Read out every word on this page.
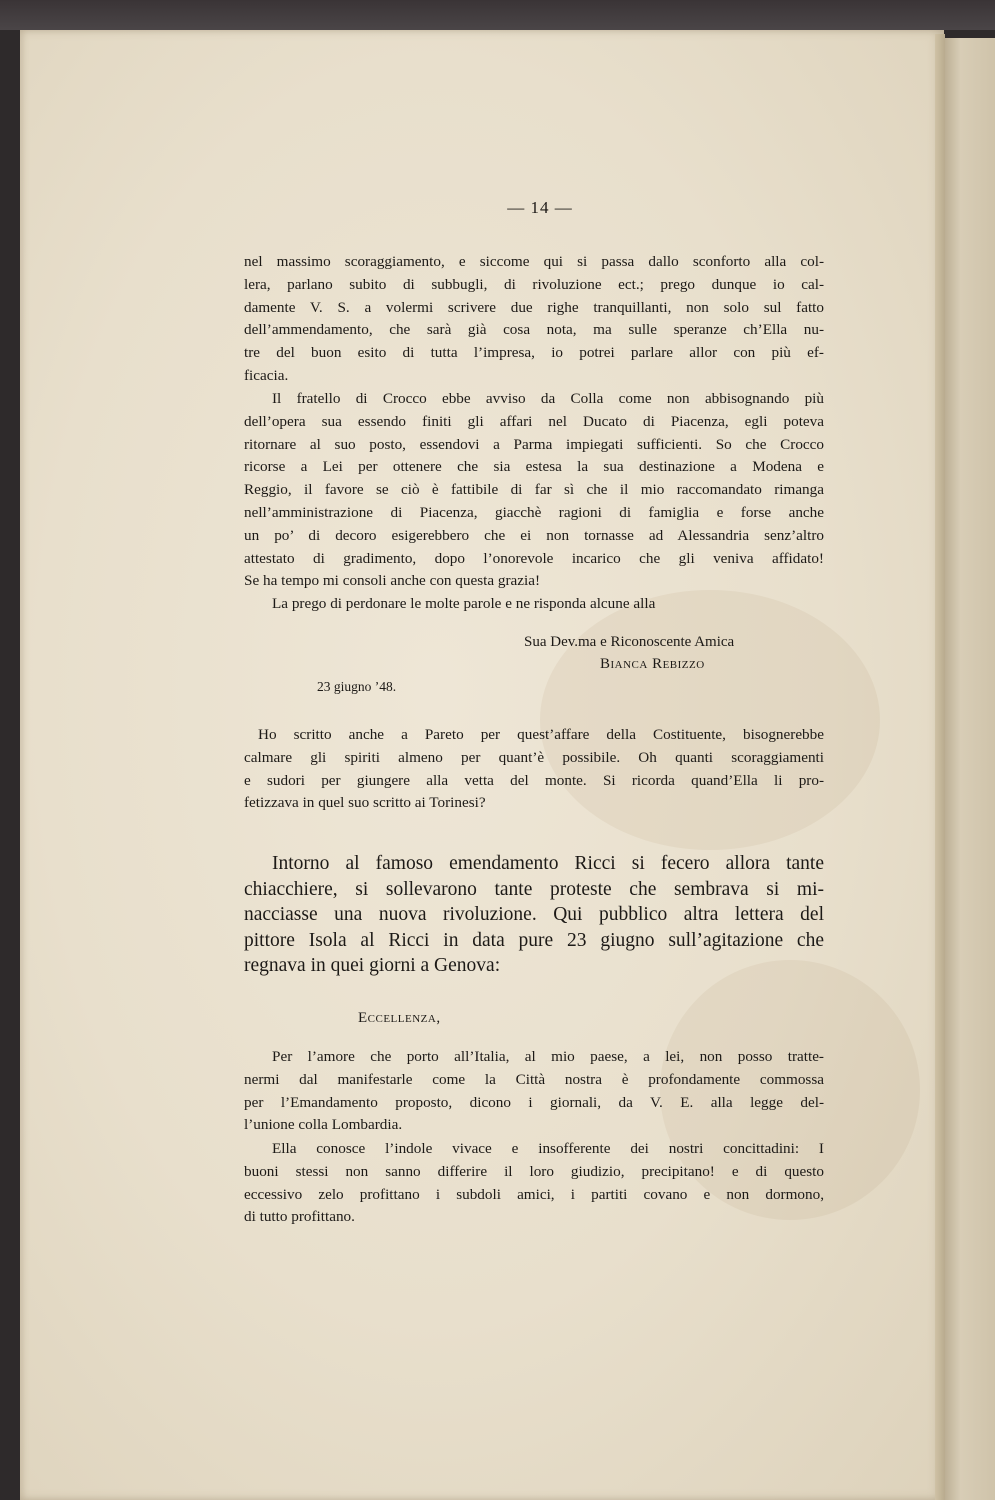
— 14 —
nel massimo scoraggiamento, e siccome qui si passa dallo sconforto alla col-
lera, parlano subito di subbugli, di rivoluzione ect.; prego dunque io cal-
damente V. S. a volermi scrivere due righe tranquillanti, non solo sul fatto
dell’ammendamento, che sarà già cosa nota, ma sulle speranze ch’Ella nu-
tre del buon esito di tutta l’impresa, io potrei parlare allor con più ef-
ficacia.
Il fratello di Crocco ebbe avviso da Colla come non abbisognando più
dell’opera sua essendo finiti gli affari nel Ducato di Piacenza, egli poteva
ritornare al suo posto, essendovi a Parma impiegati sufficienti. So che Crocco
ricorse a Lei per ottenere che sia estesa la sua destinazione a Modena e
Reggio, il favore se ciò è fattibile di far sì che il mio raccomandato rimanga
nell’amministrazione di Piacenza, giacchè ragioni di famiglia e forse anche
un po’ di decoro esigerebbero che ei non tornasse ad Alessandria senz’altro
attestato di gradimento, dopo l’onorevole incarico che gli veniva affidato!
Se ha tempo mi consoli anche con questa grazia!
La prego di perdonare le molte parole e ne risponda alcune alla
Sua Dev.ma e Riconoscente Amica
Bianca Rebizzo
23 giugno ’48.
Ho scritto anche a Pareto per quest’affare della Costituente, bisognerebbe
calmare gli spiriti almeno per quant’è possibile. Oh quanti scoraggiamenti
e sudori per giungere alla vetta del monte. Si ricorda quand’Ella li pro-
fetizzava in quel suo scritto ai Torinesi?
Intorno al famoso emendamento Ricci si fecero allora tante
chiacchiere, si sollevarono tante proteste che sembrava si mi-
nacciasse una nuova rivoluzione. Qui pubblico altra lettera del
pittore Isola al Ricci in data pure 23 giugno sull’agitazione che
regnava in quei giorni a Genova:
Eccellenza,
Per l’amore che porto all’Italia, al mio paese, a lei, non posso tratte-
nermi dal manifestarle come la Città nostra è profondamente commossa
per l’Emandamento proposto, dicono i giornali, da V. E. alla legge del-
l’unione colla Lombardia.
Ella conosce l’indole vivace e insofferente dei nostri concittadini: I
buoni stessi non sanno differire il loro giudizio, precipitano! e di questo
eccessivo zelo profittano i subdoli amici, i partiti covano e non dormono,
di tutto profittano.
